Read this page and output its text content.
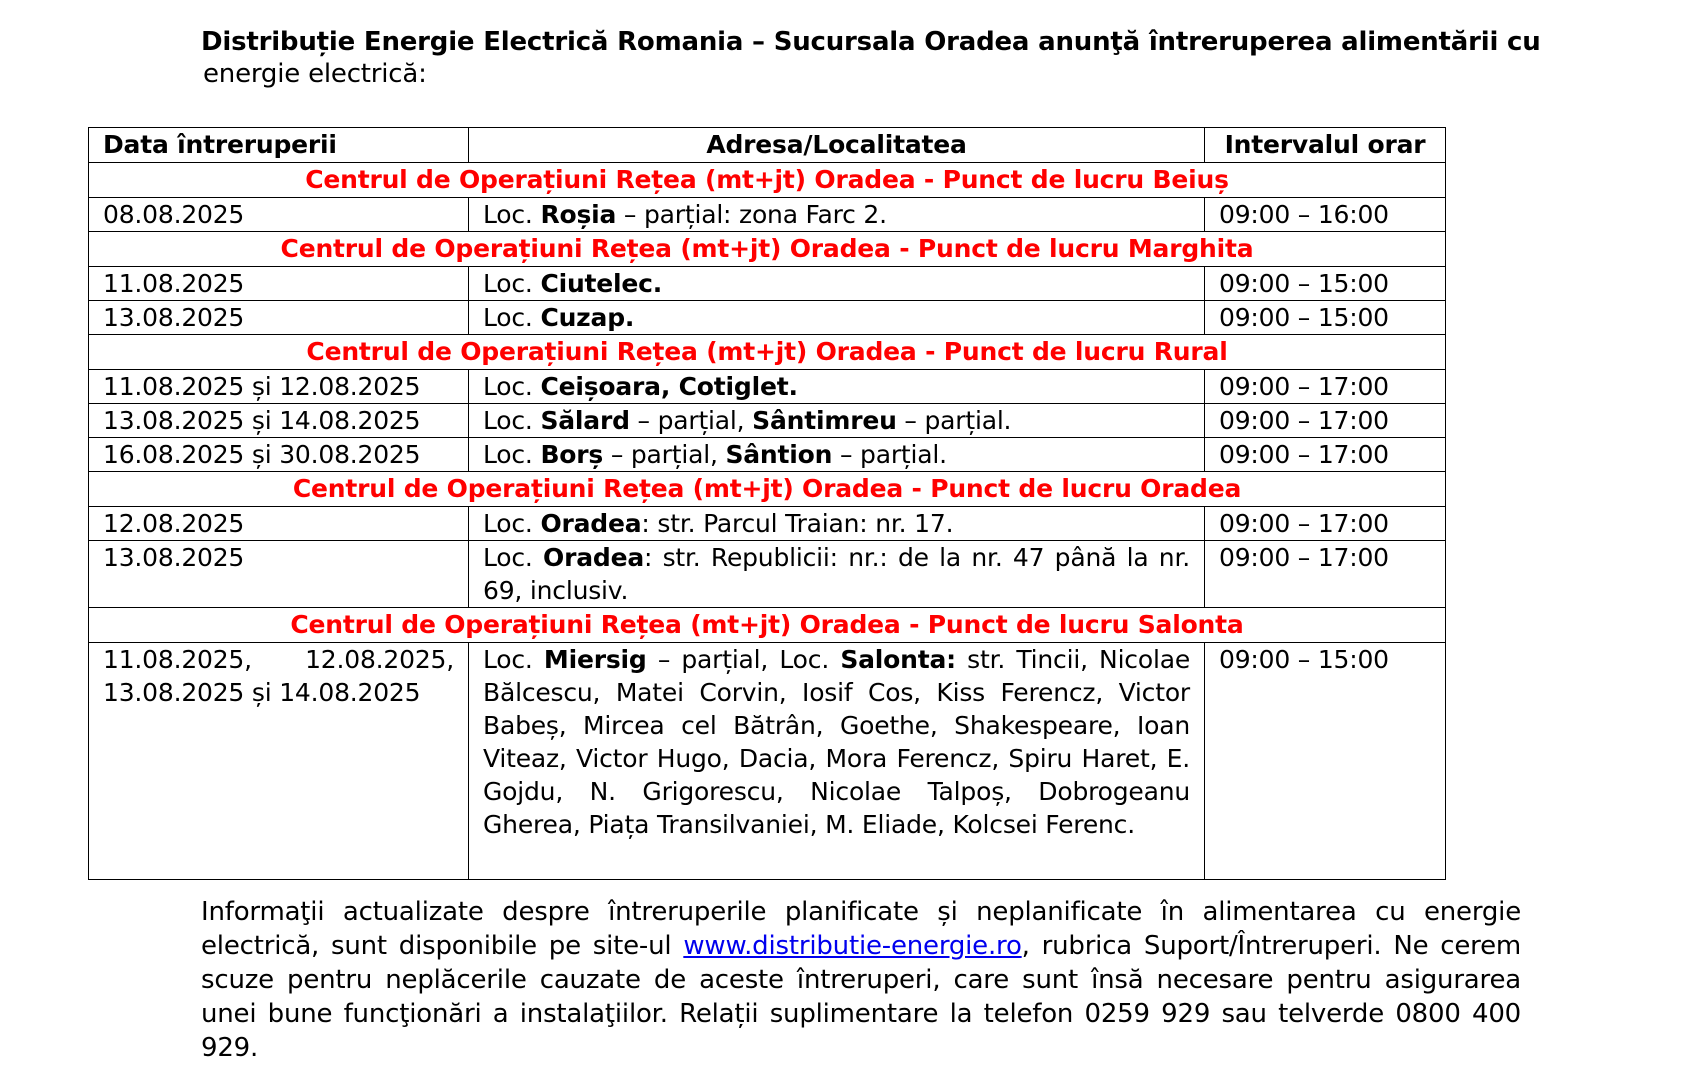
Distribuție Energie Electrică Romania – Sucursala Oradea anunţă întreruperea alimentării cu
energie electrică:
Data întreruperii	Adresa/Localitatea	Intervalul orar
Centrul de Operațiuni Rețea (mt+jt) Oradea - Punct de lucru Beiuș		
08.08.2025	Loc. Roșia – parțial: zona Farc 2.	09:00 – 16:00
Centrul de Operațiuni Rețea (mt+jt) Oradea - Punct de lucru Marghita		
11.08.2025	Loc. Ciutelec.	09:00 – 15:00
13.08.2025	Loc. Cuzap.	09:00 – 15:00
Centrul de Operațiuni Rețea (mt+jt) Oradea - Punct de lucru Rural		
11.08.2025 și 12.08.2025	Loc. Ceișoara, Cotiglet.	09:00 – 17:00
13.08.2025 și 14.08.2025	Loc. Sălard – parțial, Sântimreu – parțial.	09:00 – 17:00
16.08.2025 și 30.08.2025	Loc. Borș – parțial, Sântion – parțial.	09:00 – 17:00
Centrul de Operațiuni Rețea (mt+jt) Oradea - Punct de lucru Oradea		
12.08.2025	Loc. Oradea: str. Parcul Traian: nr. 17.	09:00 – 17:00
13.08.2025	Loc. Oradea: str. Republicii: nr.: de la nr. 47 până la nr. 69, inclusiv.	09:00 – 17:00
Centrul de Operațiuni Rețea (mt+jt) Oradea - Punct de lucru Salonta		
11.08.2025, 12.08.2025, 13.08.2025 și 14.08.2025	Loc. Miersig – parțial, Loc. Salonta: str. Tincii, Nicolae Bălcescu, Matei Corvin, Iosif Cos, Kiss Ferencz, Victor Babeș, Mircea cel Bătrân, Goethe, Shakespeare, Ioan Viteaz, Victor Hugo, Dacia, Mora Ferencz, Spiru Haret, E. Gojdu, N. Grigorescu, Nicolae Talpoș, Dobrogeanu Gherea, Piața Transilvaniei, M. Eliade, Kolcsei Ferenc.	09:00 – 15:00
Informaţii actualizate despre întreruperile planificate și neplanificate în alimentarea cu energie electrică, sunt disponibile pe site-ul www.distributie-energie.ro, rubrica Suport/Întreruperi. Ne cerem scuze pentru neplăcerile cauzate de aceste întreruperi, care sunt însă necesare pentru asigurarea unei bune funcţionări a instalaţiilor. Relații suplimentare la telefon 0259 929 sau telverde 0800 400 929.
